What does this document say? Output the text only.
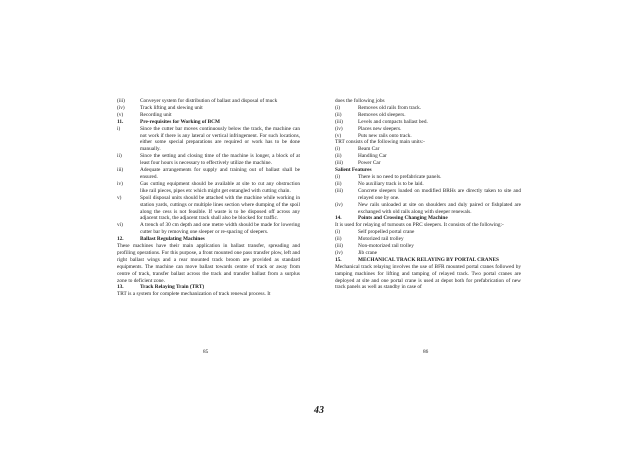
(iii)	Conveyer system for distribution of ballast and disposal of muck
(iv)	Track lifting and slewing unit
(v)	Recording unit
11.	Pre-requisites for Working of BCM
i)	Since the cutter bar moves continuously below the track, the machine can not work if there is any lateral or vertical infringement. For such locations, either some special preparations are required or work has to be done manually.
ii)	Since the setting and closing time of the machine is longer, a block of at least four hours is necessary to effectively utilize the machine.
iii)	Adequate arrangements for supply and training out of ballast shall be ensured.
iv)	Gas cutting equipment should be available at site to cut any obstruction like rail pieces, pipes etc which might get entangled with cutting chain.
v)	Spoil disposal units should be attached with the machine while working in station yards, cuttings or multiple lines section where dumping of the spoil along the cess is not feasible. If waste is to be disposed off across any adjacent track, the adjacent track shall also be blocked for traffic.
vi)	A trench of 30 cm depth and one metre width should be made for lowering cutter bar by removing one sleeper or re-spacing of sleepers.
12.	Ballast Regulating Machines
These machines have their main application in ballast transfer, spreading and profiling operations. For this purpose, a front mounted one pass transfer plow, left and right ballast wings and a rear mounted track broom are provided as standard equipments. The machine can move ballast towards centre of track or away from centre of track, transfer ballast across the track and transfer ballast from a surplus zone to deficient zone.
13.	Track Relaying Train (TRT)
TRT is a system for complete mechanization of track renewal process. It
does the following jobs
(i)	Removes old rails from track.
(ii)	Removes old sleepers.
(iii)	Levels and compacts ballast bed.
(iv)	Places new sleepers.
(v)	Puts new rails onto track.
TRT consists of the following main units:-
(i)	Beam Car
(ii)	Handling Car
(iii)	Power Car
Salient Features
(i)	There is no need to prefabricate panels.
(ii)	No auxiliary track is to be laid.
(iii)	Concrete sleepers loaded on modified BRHs are directly taken to site and relayed one by one.
(iv)	New rails unloaded at site on shoulders and duly paired or fishplated are exchanged with old rails along with sleeper renewals.
14.	Points and Crossing Changing Machine
It is used for relaying of turnouts on PRC sleepers. It consists of the following:-
(i)	Self propelled portal crane
(ii)	Motorized rail trolley
(iii)	Non-motorized rail trolley
(iv)	Jib crane
15.	MECHANICAL TRACK RELAYING BY PORTAL CRANES
Mechanical track relaying involves the use of BFR mounted portal cranes followed by tamping machines for lifting and tamping of relayed track. Two portal cranes are deployed at site and one portal crane is used at depot both for prefabrication of new track panels as well as standby in case of
85	86
43
